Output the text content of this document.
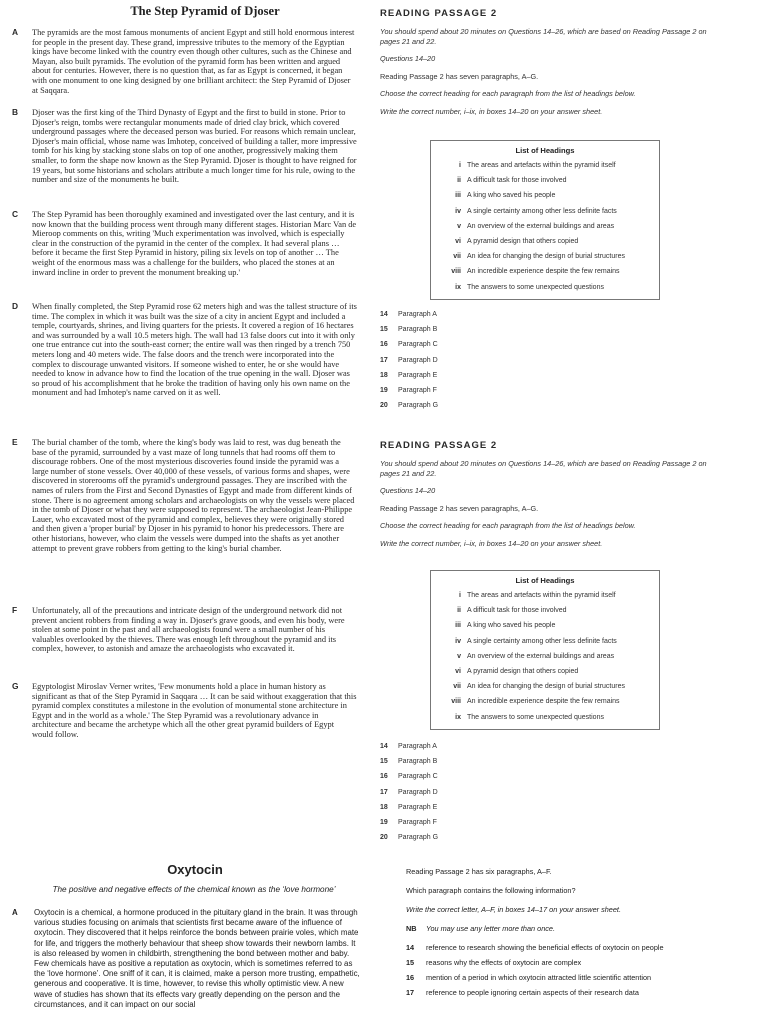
The Step Pyramid of Djoser
A The pyramids are the most famous monuments of ancient Egypt and still hold enormous interest for people in the present day. These grand, impressive tributes to the memory of the Egyptian kings have become linked with the country even though other cultures, such as the Chinese and Mayan, also built pyramids. The evolution of the pyramid form has been written and argued about for centuries. However, there is no question that, as far as Egypt is concerned, it began with one monument to one king designed by one brilliant architect: the Step Pyramid of Djoser at Saqqara.
B Djoser was the first king of the Third Dynasty of Egypt and the first to build in stone. Prior to Djoser's reign, tombs were rectangular monuments made of dried clay brick, which covered underground passages where the deceased person was buried. For reasons which remain unclear, Djoser's main official, whose name was Imhotep, conceived of building a taller, more impressive tomb for his king by stacking stone slabs on top of one another, progressively making them smaller, to form the shape now known as the Step Pyramid. Djoser is thought to have reigned for 19 years, but some historians and scholars attribute a much longer time for his rule, owing to the number and size of the monuments he built.
C The Step Pyramid has been thoroughly examined and investigated over the last century, and it is now known that the building process went through many different stages. Historian Marc Van de Mieroop comments on this, writing 'Much experimentation was involved, which is especially clear in the construction of the pyramid in the center of the complex. It had several plans … before it became the first Step Pyramid in history, piling six levels on top of another … The weight of the enormous mass was a challenge for the builders, who placed the stones at an inward incline in order to prevent the monument breaking up.'
D When finally completed, the Step Pyramid rose 62 meters high and was the tallest structure of its time. The complex in which it was built was the size of a city in ancient Egypt and included a temple, courtyards, shrines, and living quarters for the priests. It covered a region of 16 hectares and was surrounded by a wall 10.5 meters high. The wall had 13 false doors cut into it with only one true entrance cut into the south-east corner; the entire wall was then ringed by a trench 750 meters long and 40 meters wide. The false doors and the trench were incorporated into the complex to discourage unwanted visitors. If someone wished to enter, he or she would have needed to know in advance how to find the location of the true opening in the wall. Djoser was so proud of his accomplishment that he broke the tradition of having only his own name on the monument and had Imhotep's name carved on it as well.
E The burial chamber of the tomb, where the king's body was laid to rest, was dug beneath the base of the pyramid, surrounded by a vast maze of long tunnels that had rooms off them to discourage robbers. One of the most mysterious discoveries found inside the pyramid was a large number of stone vessels. Over 40,000 of these vessels, of various forms and shapes, were discovered in storerooms off the pyramid's underground passages. They are inscribed with the names of rulers from the First and Second Dynasties of Egypt and made from different kinds of stone. There is no agreement among scholars and archaeologists on why the vessels were placed in the tomb of Djoser or what they were supposed to represent. The archaeologist Jean-Philippe Lauer, who excavated most of the pyramid and complex, believes they were originally stored and then given a 'proper burial' by Djoser in his pyramid to honor his predecessors. There are other historians, however, who claim the vessels were dumped into the shafts as yet another attempt to prevent grave robbers from getting to the king's burial chamber.
F Unfortunately, all of the precautions and intricate design of the underground network did not prevent ancient robbers from finding a way in. Djoser's grave goods, and even his body, were stolen at some point in the past and all archaeologists found were a small number of his valuables overlooked by the thieves. There was enough left throughout the pyramid and its complex, however, to astonish and amaze the archaeologists who excavated it.
G Egyptologist Miroslav Verner writes, 'Few monuments hold a place in human history as significant as that of the Step Pyramid in Saqqara … It can be said without exaggeration that this pyramid complex constitutes a milestone in the evolution of monumental stone architecture in Egypt and in the world as a whole.' The Step Pyramid was a revolutionary advance in architecture and became the archetype which all the other great pyramid builders of Egypt would follow.
READING PASSAGE 2
You should spend about 20 minutes on Questions 14–26, which are based on Reading Passage 2 on pages 21 and 22.
Questions 14–20
Reading Passage 2 has seven paragraphs, A–G.
Choose the correct heading for each paragraph from the list of headings below.
Write the correct number, i–ix, in boxes 14–20 on your answer sheet.
List of Headings
i The areas and artefacts within the pyramid itself
ii A difficult task for those involved
iii A king who saved his people
iv A single certainty among other less definite facts
v An overview of the external buildings and areas
vi A pyramid design that others copied
vii An idea for changing the design of burial structures
viii An incredible experience despite the few remains
ix The answers to some unexpected questions
14	Paragraph A
15	Paragraph B
16	Paragraph C
17	Paragraph D
18	Paragraph E
19	Paragraph F
20	Paragraph G
READING PASSAGE 2
You should spend about 20 minutes on Questions 14–26, which are based on Reading Passage 2 on pages 21 and 22.
Questions 14–20
Reading Passage 2 has seven paragraphs, A–G.
Choose the correct heading for each paragraph from the list of headings below.
Write the correct number, i–ix, in boxes 14–20 on your answer sheet.
List of Headings
i The areas and artefacts within the pyramid itself
ii A difficult task for those involved
iii A king who saved his people
iv A single certainty among other less definite facts
v An overview of the external buildings and areas
vi A pyramid design that others copied
vii An idea for changing the design of burial structures
viii An incredible experience despite the few remains
ix The answers to some unexpected questions
14	Paragraph A
15	Paragraph B
16	Paragraph C
17	Paragraph D
18	Paragraph E
19	Paragraph F
20	Paragraph G
Oxytocin
The positive and negative effects of the chemical known as the ‘love hormone’
A Oxytocin is a chemical, a hormone produced in the pituitary gland in the brain. It was through various studies focusing on animals that scientists first became aware of the influence of oxytocin. They discovered that it helps reinforce the bonds between prairie voles, which mate for life, and triggers the motherly behaviour that sheep show towards their newborn lambs. It is also released by women in childbirth, strengthening the bond between mother and baby. Few chemicals have as positive a reputation as oxytocin, which is sometimes referred to as the ‘love hormone’. One sniff of it can, it is claimed, make a person more trusting, empathetic, generous and cooperative. It is time, however, to revise this wholly optimistic view. A new wave of studies has shown that its effects vary greatly depending on the person and the circumstances, and it can impact on our social
Reading Passage 2 has six paragraphs, A–F.
Which paragraph contains the following information?
Write the correct letter, A–F, in boxes 14–17 on your answer sheet.
NB	You may use any letter more than once.
14	reference to research showing the beneficial effects of oxytocin on people
15	reasons why the effects of oxytocin are complex
16	mention of a period in which oxytocin attracted little scientific attention
17	reference to people ignoring certain aspects of their research data
